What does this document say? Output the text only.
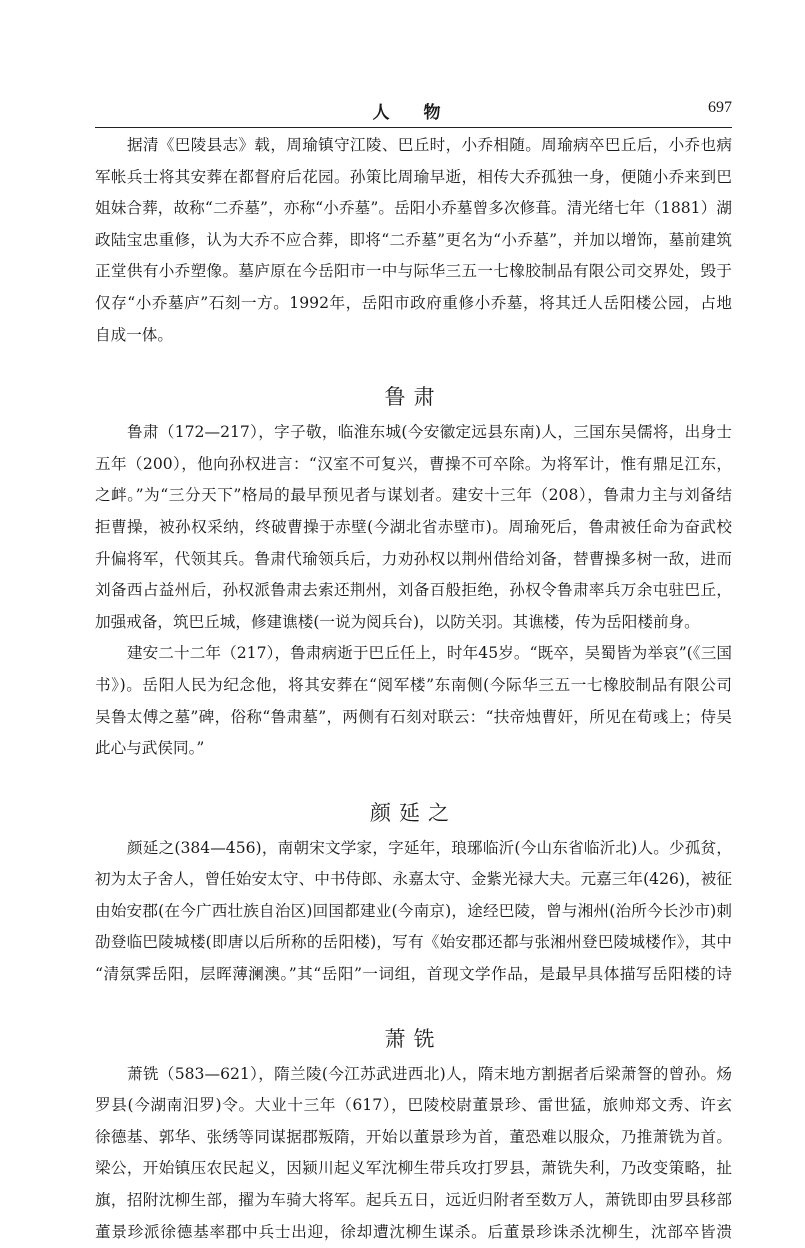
人 物	697
据清《巴陵县志》载，周瑜镇守江陵、巴丘时，小乔相随。周瑜病卒巴丘后，小乔也病
军帐兵士将其安葬在都督府后花园。孙策比周瑜早逝，相传大乔孤独一身，便随小乔来到巴
姐妹合葬，故称“二乔墓”，亦称“小乔墓”。岳阳小乔墓曾多次修葺。清光绪七年（1881）湖
政陆宝忠重修，认为大乔不应合葬，即将“二乔墓”更名为“小乔墓”，并加以增饰，墓前建筑
正堂供有小乔塑像。墓庐原在今岳阳市一中与际华三五一七橡胶制品有限公司交界处，毁于
仅存“小乔墓庐”石刻一方。1992年，岳阳市政府重修小乔墓，将其迁人岳阳楼公园，占地
自成一体。
鲁肃
鲁肃（172—217），字子敬，临淮东城(今安徽定远县东南)人，三国东吴儒将，出身士
五年（200），他向孙权进言：“汉室不可复兴，曹操不可卒除。为将军计，惟有鼎足江东，
之衅。”为“三分天下”格局的最早预见者与谋划者。建安十三年（208），鲁肃力主与刘备结
拒曹操，被孙权采纳，终破曹操于赤壁(今湖北省赤壁市)。周瑜死后，鲁肃被任命为奋武校
升偏将军，代领其兵。鲁肃代瑜领兵后，力劝孙权以荆州借给刘备，替曹操多树一敌，进而
刘备西占益州后，孙权派鲁肃去索还荆州，刘备百般拒绝，孙权令鲁肃率兵万余屯驻巴丘，
加强戒备，筑巴丘城，修建谯楼(一说为阅兵台)，以防关羽。其谯楼，传为岳阳楼前身。
建安二十二年（217），鲁肃病逝于巴丘任上，时年45岁。“既卒，吴蜀皆为举哀”(《三国
书》)。岳阳人民为纪念他，将其安葬在“阅军楼”东南侧(今际华三五一七橡胶制品有限公司
吴鲁太傅之墓”碑，俗称“鲁肃墓”，两侧有石刻对联云：“扶帝烛曹奸，所见在荀彧上；侍吴
此心与武侯同。”
颜延之
颜延之(384—456)，南朝宋文学家，字延年，琅琊临沂(今山东省临沂北)人。少孤贫，
初为太子舍人，曾任始安太守、中书侍郎、永嘉太守、金紫光禄大夫。元嘉三年(426)，被征
由始安郡(在今广西壮族自治区)回国都建业(今南京)，途经巴陵，曾与湘州(治所今长沙市)刺
劭登临巴陵城楼(即唐以后所称的岳阳楼)，写有《始安郡还都与张湘州登巴陵城楼作》，其中
“清氛霁岳阳，层晖薄澜澳。”其“岳阳”一词组，首现文学作品，是最早具体描写岳阳楼的诗
萧铣
萧铣（583—621），隋兰陵(今江苏武进西北)人，隋末地方割据者后梁萧詧的曾孙。炀
罗县(今湖南汨罗)令。大业十三年（617），巴陵校尉董景珍、雷世猛，旅帅郑文秀、许玄
徐德基、郭华、张绣等同谋据郡叛隋，开始以董景珍为首，董恐难以服众，乃推萧铣为首。
梁公，开始镇压农民起义，因颍川起义军沈柳生带兵攻打罗县，萧铣失利，乃改变策略，扯
旗，招附沈柳生部，擢为车骑大将军。起兵五日，远近归附者至数万人，萧铣即由罗县移部
董景珍派徐德基率郡中兵士出迎，徐却遭沈柳生谋杀。后董景珍诛杀沈柳生，沈部卒皆溃
